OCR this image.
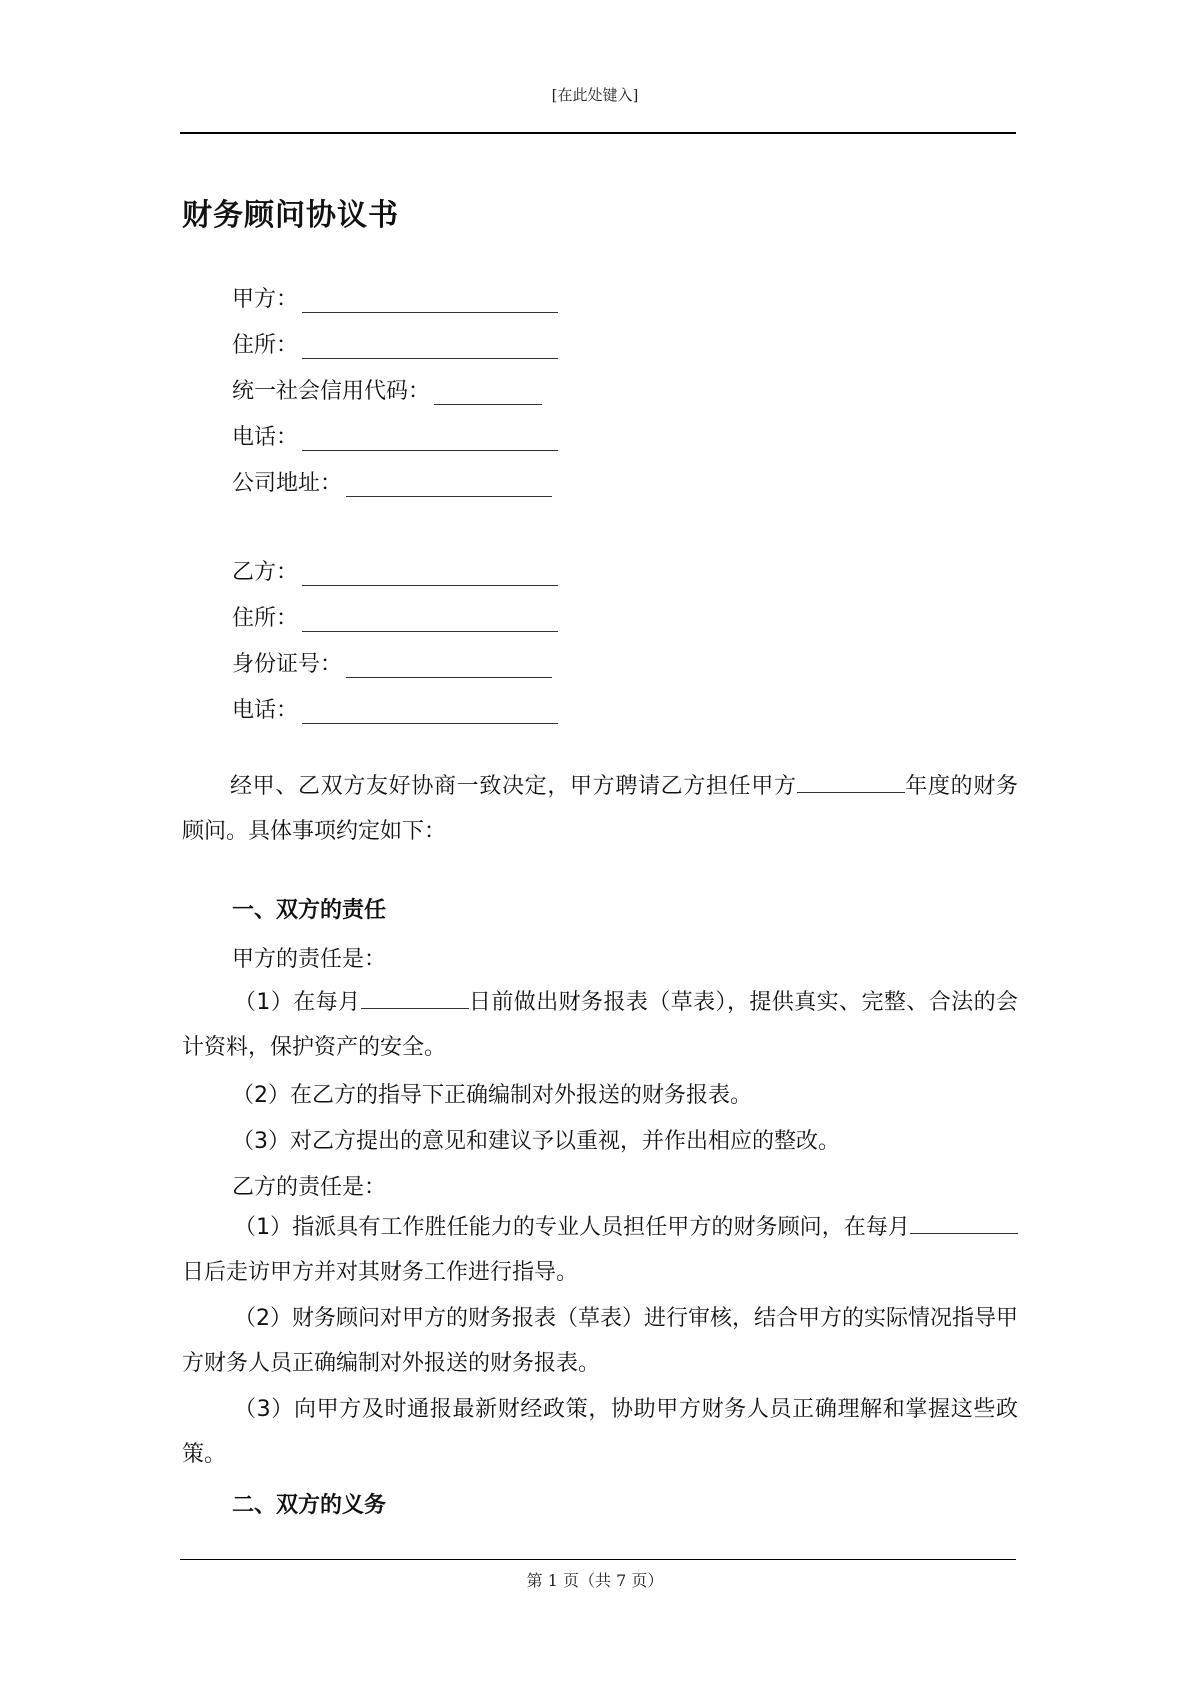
[在此处键入]
财务顾问协议书
甲方：
住所：
统一社会信用代码：
电话：
公司地址：
乙方：
住所：
身份证号：
电话：
经甲、乙双方友好协商一致决定，甲方聘请乙方担任甲方	年度的财务顾问。具体事项约定如下：
一、双方的责任
甲方的责任是：
（1）在每月	日前做出财务报表（草表），提供真实、完整、合法的会计资料，保护资产的安全。
（2）在乙方的指导下正确编制对外报送的财务报表。
（3）对乙方提出的意见和建议予以重视，并作出相应的整改。
乙方的责任是：
（1）指派具有工作胜任能力的专业人员担任甲方的财务顾问，在每月日后走访甲方并对其财务工作进行指导。
（2）财务顾问对甲方的财务报表（草表）进行审核，结合甲方的实际情况指导甲方财务人员正确编制对外报送的财务报表。
（3）向甲方及时通报最新财经政策，协助甲方财务人员正确理解和掌握这些政策。
二、双方的义务
第 1 页（共 7 页）
